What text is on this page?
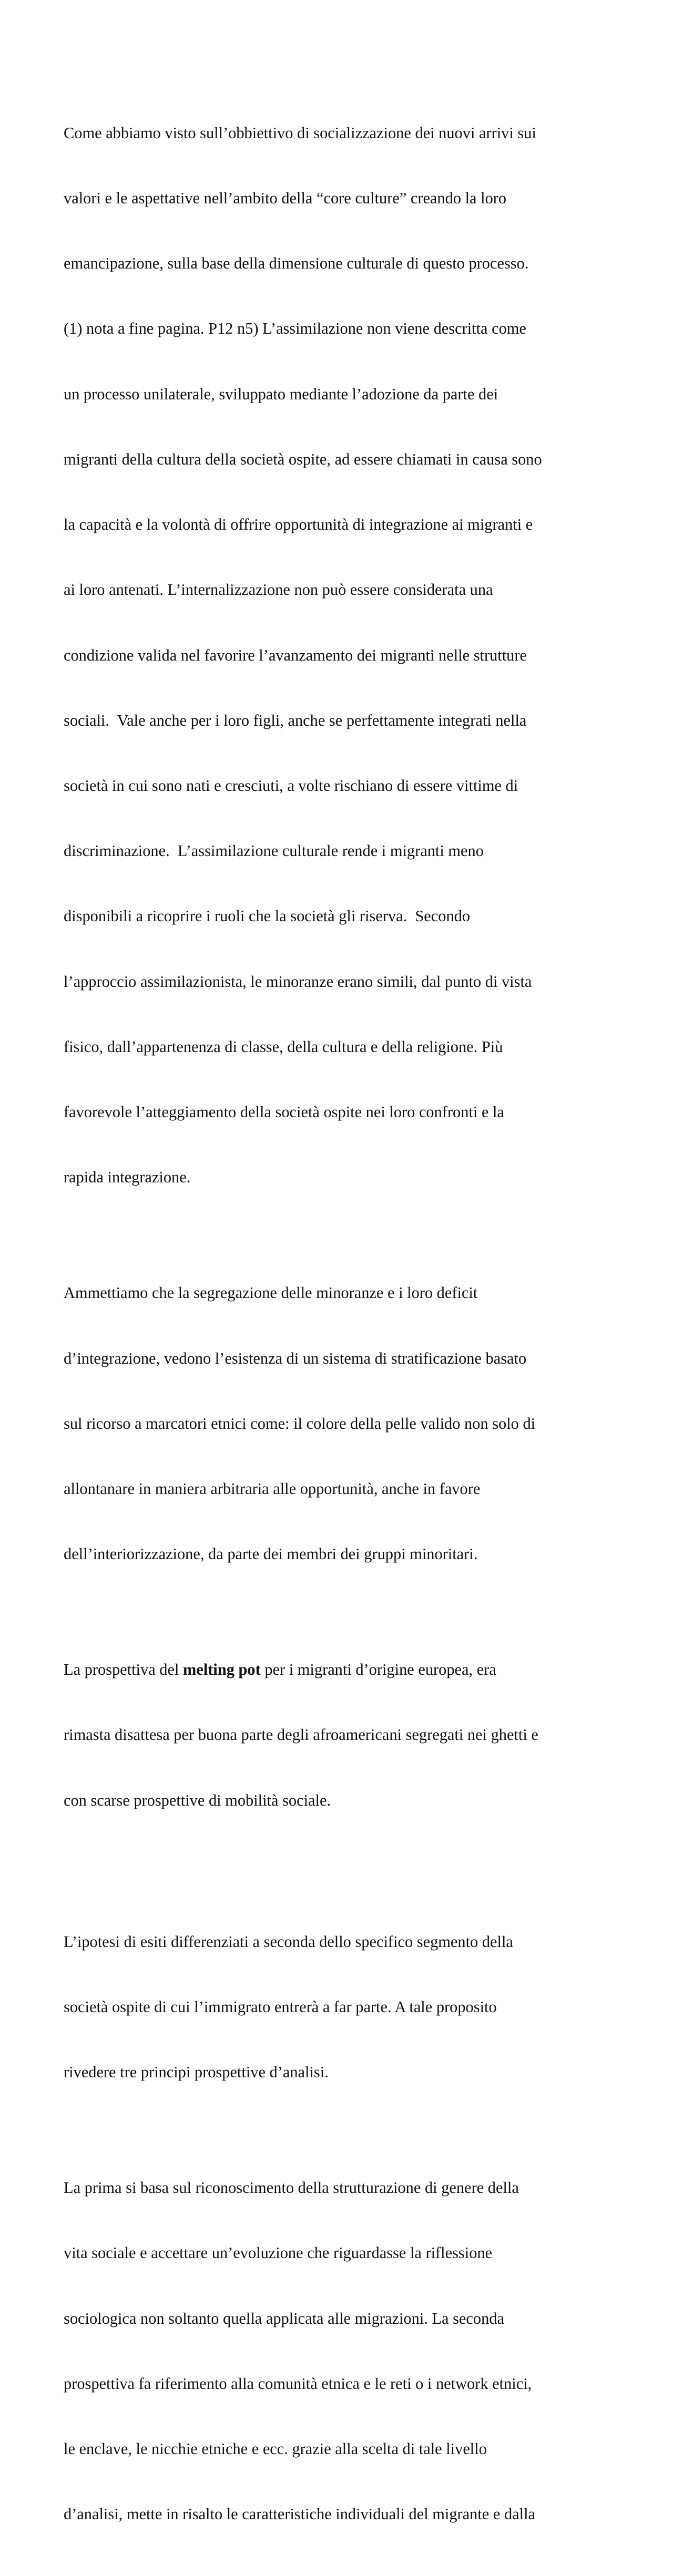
Come abbiamo visto sull’obbiettivo di socializzazione dei nuovi arrivi sui

valori e le aspettative nell’ambito della “core culture” creando la loro

emancipazione, sulla base della dimensione culturale di questo processo.

(1) nota a fine pagina. P12 n5) L’assimilazione non viene descritta come

un processo unilaterale, sviluppato mediante l’adozione da parte dei

migranti della cultura della società ospite, ad essere chiamati in causa sono

la capacità e la volontà di offrire opportunità di integrazione ai migranti e

ai loro antenati. L’internalizzazione non può essere considerata una

condizione valida nel favorire l’avanzamento dei migranti nelle strutture

sociali.  Vale anche per i loro figli, anche se perfettamente integrati nella

società in cui sono nati e cresciuti, a volte rischiano di essere vittime di

discriminazione.  L’assimilazione culturale rende i migranti meno

disponibili a ricoprire i ruoli che la società gli riserva.  Secondo

l’approccio assimilazionista, le minoranze erano simili, dal punto di vista

fisico, dall’appartenenza di classe, della cultura e della religione. Più

favorevole l’atteggiamento della società ospite nei loro confronti e la

rapida integrazione.

Ammettiamo che la segregazione delle minoranze e i loro deficit

d’integrazione, vedono l’esistenza di un sistema di stratificazione basato

sul ricorso a marcatori etnici come: il colore della pelle valido non solo di

allontanare in maniera arbitraria alle opportunità, anche in favore

dell’interiorizzazione, da parte dei membri dei gruppi minoritari.

La prospettiva del melting pot per i migranti d’origine europea, era

rimasta disattesa per buona parte degli afroamericani segregati nei ghetti e

con scarse prospettive di mobilità sociale.

L’ipotesi di esiti differenziati a seconda dello specifico segmento della

società ospite di cui l’immigrato entrerà a far parte. A tale proposito

rivedere tre principi prospettive d’analisi.

La prima si basa sul riconoscimento della strutturazione di genere della

vita sociale e accettare un’evoluzione che riguardasse la riflessione

sociologica non soltanto quella applicata alle migrazioni. La seconda

prospettiva fa riferimento alla comunità etnica e le reti o i network etnici,

le enclave, le nicchie etniche e ecc. grazie alla scelta di tale livello

d’analisi, mette in risalto le caratteristiche individuali del migrante e dalla
